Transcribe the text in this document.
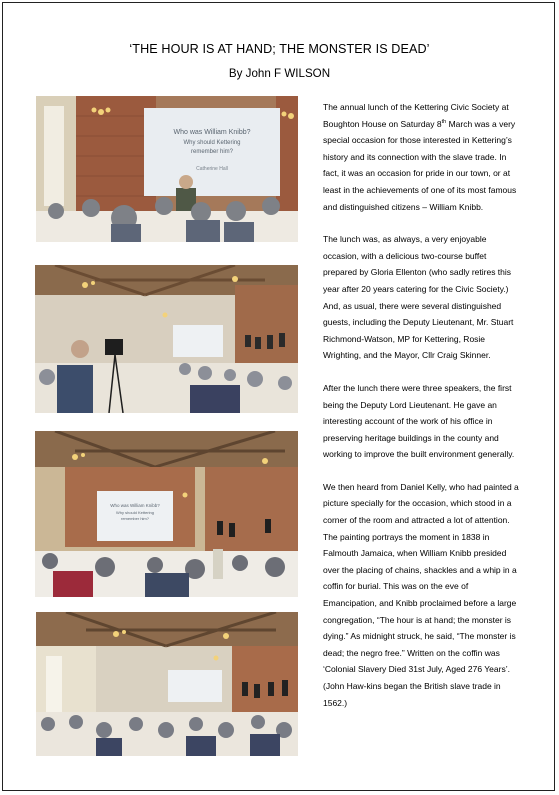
‘THE HOUR IS AT HAND; THE MONSTER IS DEAD’
By John F WILSON
Who was William Knibb?
Why should Kettering
remember him?
Catherine Hall
Who was William Knibb?
Why should Kettering
remember him?

The annual lunch of the Kettering Civic Society at Boughton House on Saturday 8th March was a very special occasion for those interested in Kettering’s history and its connection with the slave trade. In fact, it was an occasion for pride in our town, or at least in the achievements of one of its most famous and distinguished citizens – William Knibb.

The lunch was, as always, a very enjoyable occasion, with a delicious two-course buffet prepared by Gloria Ellenton (who sadly retires this year after 20 years catering for the Civic Society.) And, as usual, there were several distinguished guests, including the Deputy Lieutenant, Mr. Stuart Richmond-Watson, MP for Kettering, Rosie Wrighting, and the Mayor, Cllr Craig Skinner.

After the lunch there were three speakers, the first being the Deputy Lord Lieutenant. He gave an interesting account of the work of his office in preserving heritage buildings in the county and working to improve the built environment generally.

We then heard from Daniel Kelly, who had painted a picture specially for the occasion, which stood in a corner of the room and attracted a lot of attention. The painting portrays the moment in 1838 in Falmouth Jamaica, when William Knibb presided over the placing of chains, shackles and a whip in a coffin for burial. This was on the eve of Emancipation, and Knibb proclaimed before a large congregation, “The hour is at hand; the monster is dying.” As midnight struck, he said, “The monster is dead; the negro free.” Written on the coffin was ‘Colonial Slavery Died 31st July, Aged 276 Years’. (John Haw-kins began the British slave trade in 1562.)
